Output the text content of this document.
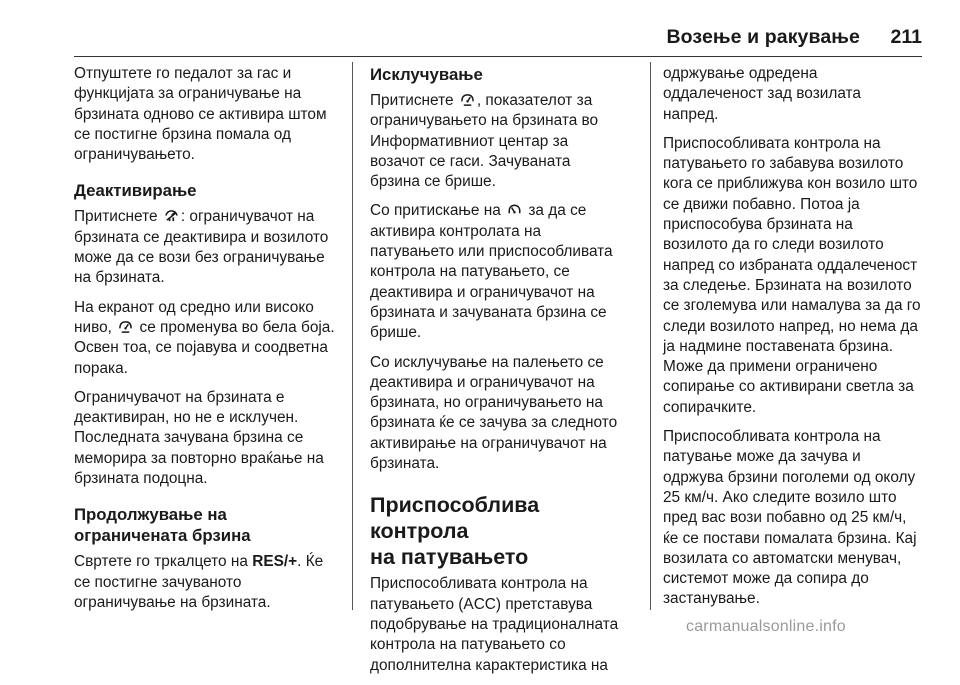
Возење и ракување 211

Отпуштете го педалот за гас и
функцијата за ограничување на
брзината одново се активира штом
се постигне брзина помала од
ограничувањето.

Деактивирање

Притиснете
: ограничувачот на
брзината се деактивира и возилото
може да се вози без ограничување
на брзината.

На екранот од средно или високо
ниво,
се променува во бела боја.
Освен тоа, се појавува и соодветна
порака.

Ограничувачот на брзината е
деактивиран, но не е исклучен.
Последната зачувана брзина се
меморира за повторно враќање на
брзината подоцна.

Продолжување на
ограничената брзина

Свртете го тркалцето на RES/+. Ќе
се постигне зачуваното
ограничување на брзината.

Исклучување

Притиснете
, показателот за
ограничувањето на брзината во
Информативниот центар за
возачот се гаси. Зачуваната
брзина се брише.

Со притискање на
за да се
активира контролата на
патувањето или приспособливата
контрола на патувањето, се
деактивира и ограничувачот на
брзината и зачуваната брзина се
брише.

Со исклучување на палењето се
деактивира и ограничувачот на
брзината, но ограничувањето на
брзината ќе се зачува за следното
активирање на ограничувачот на
брзината.

Приспособлива контрола
на патувањето

Приспособливата контрола на
патувањето (ACC) претставува
подобрување на традиционалната
контрола на патувањето со
дополнителна карактеристика на

одржување одредена
оддалеченост зад возилата
напред.

Приспособливата контрола на
патувањето го забавува возилото
кога се приближува кон возило што
се движи побавно. Потоа ја
приспособува брзината на
возилото да го следи возилото
напред со избраната оддалеченост
за следење. Брзината на возилото
се зголемува или намалува за да го
следи возилото напред, но нема да
ја надмине поставената брзина.
Може да примени ограничено
сопирање со активирани светла за
сопирачките.

Приспособливата контрола на
патување може да зачува и
одржува брзини поголеми од околу
25 км/ч. Ако следите возило што
пред вас вози побавно од 25 км/ч,
ќе се постави помалата брзина. Кај
возилата со автоматски менувач,
системот може да сопира до
застанување.

carmanualsonline.info
